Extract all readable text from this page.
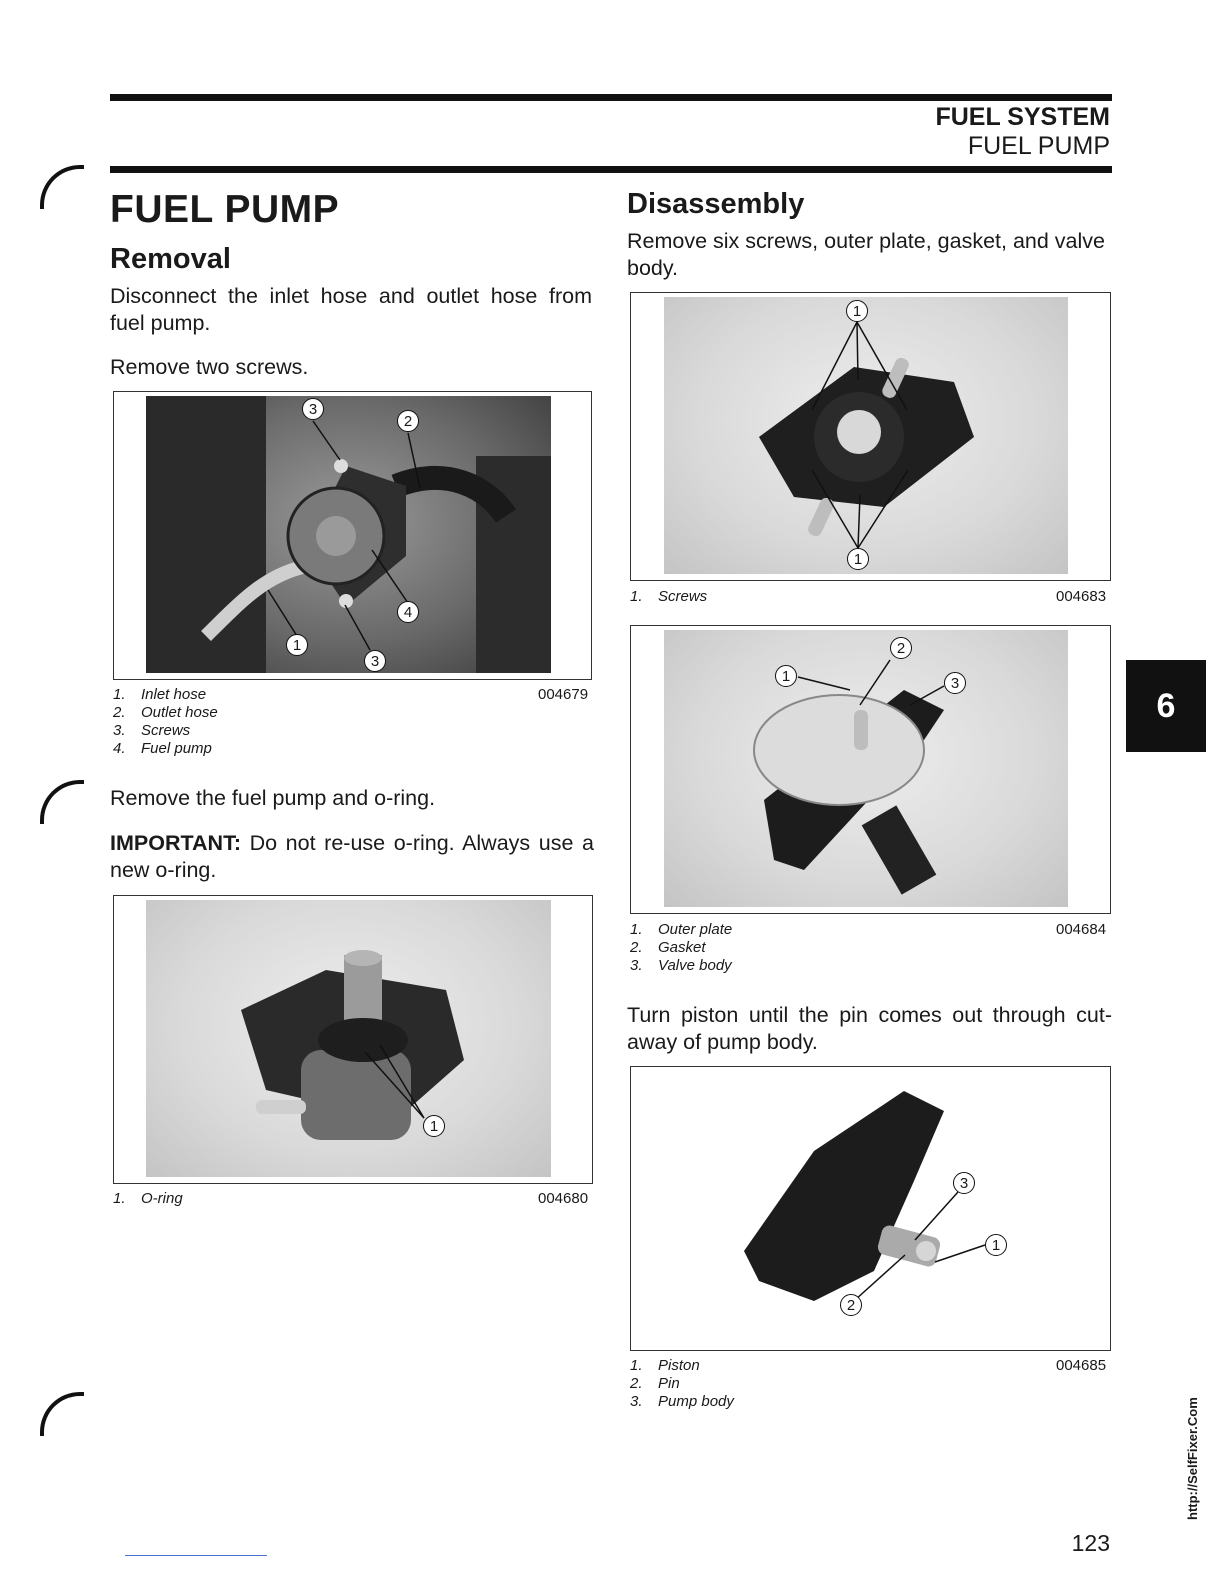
FUEL SYSTEM
FUEL PUMP
FUEL PUMP
Removal
Disconnect the inlet hose and outlet hose from fuel pump.
Remove two screws.
3
2
4
1
3
1. Inlet hose
2. Outlet hose
3. Screws
4. Fuel pump
004679
Remove the fuel pump and o-ring.
IMPORTANT: Do not re-use o-ring. Always use a new o-ring.
1
1. O-ring	004680
Disassembly
Remove six screws, outer plate, gasket, and valve body.
1
1
1. Screws	004683
1
2
3
1. Outer plate
2. Gasket
3. Valve body
004684
Turn piston until the pin comes out through cut-away of pump body.
3
1
2
1. Piston
2. Pin
3. Pump body
004685
6
http://SelfFixer.Com
123
